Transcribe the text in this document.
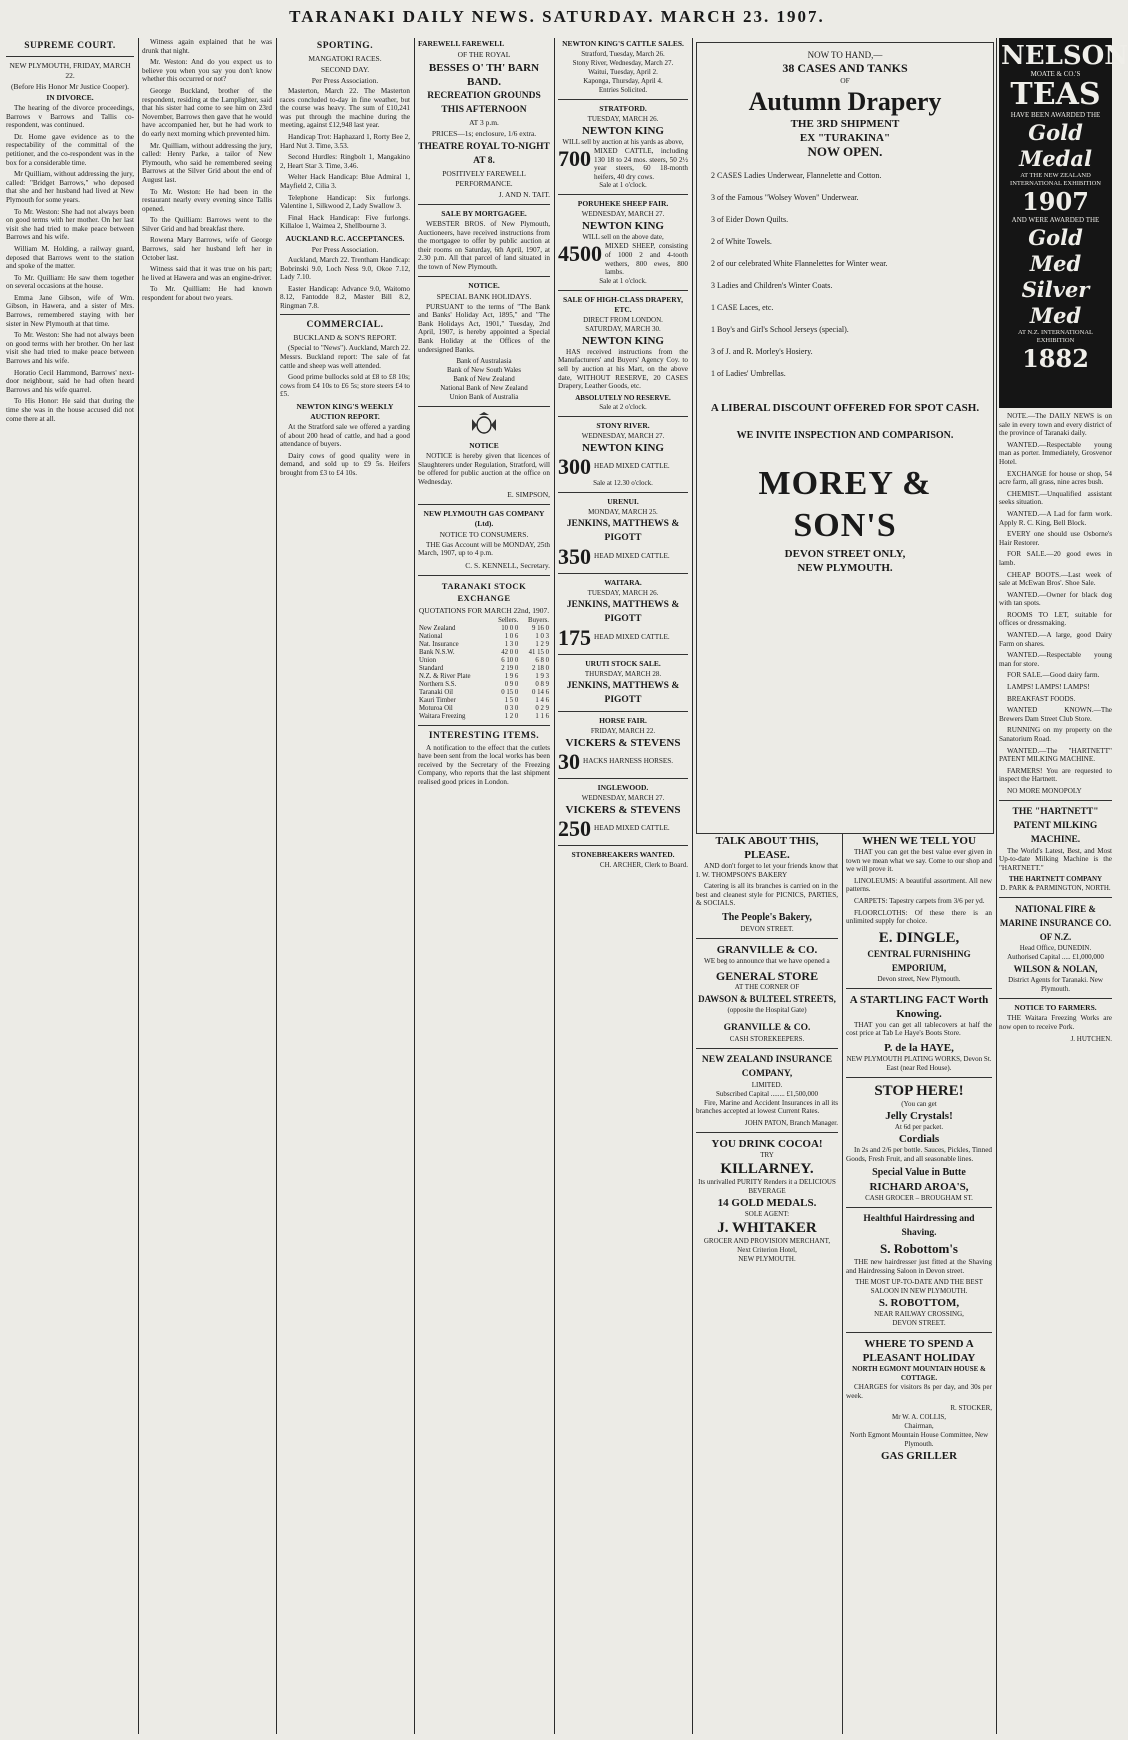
TARANAKI DAILY NEWS. SATURDAY. MARCH 23. 1907.
SUPREME COURT.
NEW PLYMOUTH, FRIDAY, MARCH 22.
(Before His Honor Mr Justice Cooper).
IN DIVORCE.

The hearing of the divorce proceedings, Barrows v Barrows and Tallis co-respondent, was continued.

Dr. Home gave evidence as to the respectability of the committal of the petitioner, and the co-respondent was in the box for a considerable time.

Mr Quilliam, without addressing the jury, called: "Bridget Barrows," who deposed that she and her husband had lived at New Plymouth for some years.

To Mr. Weston: She had not always been on good terms with her mother. On her last visit she had tried to make peace between Barrows and his wife.

William M. Holding, a railway guard, deposed that Barrows went to the station and spoke of the matter.

To Mr. Quilliam: He saw them together on several occasions at the house.

Emma Jane Gibson, wife of Wm. Gibson, in Hawera, and a sister of Mrs. Barrows, remembered staying with her sister in New Plymouth at that time.

To Mr. Weston: She had not always been on good terms with her brother. On her last visit she had tried to make peace between Barrows and his wife.

Horatio Cecil Hammond, Barrows' next-door neighbour, said he had often heard Barrows and his wife quarrel.

To His Honor: He said that during the time she was in the house accused did not come there at all.

Witness again explained that he was drunk that night.

Mr. Weston: And do you expect us to believe you when you say you don't know whether this occurred or not?

George Buckland, brother of the respondent, residing at the Lamplighter, said that his sister had come to see him on 23rd November, Barrows then gave that he would have accompanied her, but he had work to do early next morning which prevented him.

Mr. Quilliam, without addressing the jury, called: Henry Parke, a tailor of New Plymouth, who said he remembered seeing Barrows at the Silver Grid about the end of August last.

To Mr. Weston: He had been in the restaurant nearly every evening since Tallis opened.

To the Quilliam: Barrows went to the Silver Grid and had breakfast there.

Rowena Mary Barrows, wife of George Barrows, said her husband left her in October last.

Witness said that it was true on his part; he lived at Hawera and was an engine-driver.

To Mr. Quilliam: He had known respondent for about two years.

SPORTING.
MANGATOKI RACES.
SECOND DAY.
Per Press Association.

Masterton, March 22. The Masterton races concluded to-day in fine weather, but the course was heavy. The sum of £10,241 was put through the machine during the meeting, against £12,948 last year.

Handicap Trot: Haphazard 1, Rorty Bee 2, Hard Nut 3. Time, 3.53.

Second Hurdles: Ringbolt 1, Mangakino 2, Heart Star 3. Time, 3.46.

Welter Hack Handicap: Blue Admiral 1, Mayfield 2, Cilia 3.

Telephone Handicap: Six furlongs. Valentine 1, Silkwood 2, Lady Swallow 3.

Final Hack Handicap: Five furlongs. Killaloe 1, Waimea 2, Shellbourne 3.

AUCKLAND R.C. ACCEPTANCES.
Per Press Association.

Auckland, March 22. Trentham Handicap: Bobrinski 9.0, Loch Ness 9.0, Okoe 7.12, Lady 7.10.

Easter Handicap: Advance 9.0, Waitomo 8.12, Fantodde 8.2, Master Bill 8.2, Ringman 7.8.

COMMERCIAL.
BUCKLAND & SON'S REPORT.

(Special to "News"). Auckland, March 22. Messrs. Buckland report: The sale of fat cattle and sheep was well attended.

Good prime bullocks sold at £8 to £8 10s; cows from £4 10s to £6 5s; store steers £4 to £5.

NEWTON KING'S WEEKLY AUCTION REPORT.

At the Stratford sale we offered a yarding of about 200 head of cattle, and had a good attendance of buyers.

Dairy cows of good quality were in demand, and sold up to £9 5s. Heifers brought from £3 to £4 10s.

FAREWELL FAREWELL
OF THE ROYAL
BESSES O' TH' BARN BAND.
RECREATION GROUNDS THIS AFTERNOON
AT 3 p.m.
PRICES—1s; enclosure, 1/6 extra.
THEATRE ROYAL TO-NIGHT AT 8.
POSITIVELY FAREWELL PERFORMANCE.
J. AND N. TAIT.
SALE BY MORTGAGEE.

WEBSTER BROS. of New Plymouth, Auctioneers, have received instructions from the mortgagee to offer by public auction at their rooms on Saturday, 6th April, 1907, at 2.30 p.m. All that parcel of land situated in the town of New Plymouth.

NOTICE.
SPECIAL BANK HOLIDAYS.

PURSUANT to the terms of "The Bank and Banks' Holiday Act, 1895," and "The Bank Holidays Act, 1901," Tuesday, 2nd April, 1907, is hereby appointed a Special Bank Holiday at the Offices of the undersigned Banks.

Bank of Australasia
Bank of New South Wales
Bank of New Zealand
National Bank of New Zealand
Union Bank of Australia
NOTICE

NOTICE is hereby given that licences of Slaughterers under Regulation, Stratford, will be offered for public auction at the office on Wednesday.

E. SIMPSON,
NEW PLYMOUTH GAS COMPANY (Ltd).
NOTICE TO CONSUMERS.

THE Gas Account will be MONDAY, 25th March, 1907, up to 4 p.m.

C. S. KENNELL, Secretary.
TARANAKI STOCK EXCHANGE
QUOTATIONS FOR MARCH 22nd, 1907.
	Sellers.	Buyers.
New Zealand	10 0 0	9 16 0
National	1 0 6	1 0 3
Nat. Insurance	1 3 0	1 2 9
Bank N.S.W.	42 0 0	41 15 0
Union	6 10 0	6 8 0
Standard	2 19 0	2 18 0
N.Z. & River Plate	1 9 6	1 9 3
Northern S.S.	0 9 0	0 8 9
Taranaki Oil	0 15 0	0 14 6
Kauri Timber	1 5 0	1 4 6
Moturoa Oil	0 3 0	0 2 9
Waitara Freezing	1 2 0	1 1 6
INTERESTING ITEMS.

A notification to the effect that the cutlets have been sent from the local works has been received by the Secretary of the Freezing Company, who reports that the last shipment realised good prices in London.

NEWTON KING'S CATTLE SALES.
Stratford, Tuesday, March 26.
Stony River, Wednesday, March 27.
Waitui, Tuesday, April 2.
Kaponga, Thursday, April 4.
Entries Solicited.
STRATFORD.
TUESDAY, MARCH 26.
NEWTON KING
WILL sell by auction at his yards as above,
700 MIXED CATTLE, including 130 18 to 24 mos. steers, 50 2½ year steers, 60 18-month heifers, 40 dry cows.
Sale at 1 o'clock.
PORUHEKE SHEEP FAIR.
WEDNESDAY, MARCH 27.
NEWTON KING
WILL sell on the above date,
4500 MIXED SHEEP, consisting of 1000 2 and 4-tooth wethers, 800 ewes, 800 lambs.
Sale at 1 o'clock.
SALE OF HIGH-CLASS DRAPERY, ETC.
DIRECT FROM LONDON.
SATURDAY, MARCH 30.
NEWTON KING

HAS received instructions from the Manufacturers' and Buyers' Agency Coy. to sell by auction at his Mart, on the above date, WITHOUT RESERVE, 20 CASES Drapery, Leather Goods, etc.

ABSOLUTELY NO RESERVE.
Sale at 2 o'clock.
STONY RIVER.
WEDNESDAY, MARCH 27.
NEWTON KING
300 HEAD MIXED CATTLE.
Sale at 12.30 o'clock.
URENUI.
MONDAY, MARCH 25.
JENKINS, MATTHEWS & PIGOTT
350 HEAD MIXED CATTLE.
WAITARA.
TUESDAY, MARCH 26.
JENKINS, MATTHEWS & PIGOTT
175 HEAD MIXED CATTLE.
URUTI STOCK SALE.
THURSDAY, MARCH 28.
JENKINS, MATTHEWS & PIGOTT
HORSE FAIR.
FRIDAY, MARCH 22.
VICKERS & STEVENS
30 HACKS HARNESS HORSES.
INGLEWOOD.
WEDNESDAY, MARCH 27.
VICKERS & STEVENS
250 HEAD MIXED CATTLE.
STONEBREAKERS WANTED.
CH. ARCHER, Clerk to Board.
NOW TO HAND,—
38 CASES AND TANKS
OF
Autumn Drapery
THE 3RD SHIPMENT
EX "TURAKINA"
NOW OPEN.
2 CASES Ladies Underwear, Flannelette and Cotton.
3 of the Famous "Wolsey Woven" Underwear.
3 of Eider Down Quilts.
2 of White Towels.
2 of our celebrated White Flannelettes for Winter wear.
3 Ladies and Children's Winter Coats.
1 CASE Laces, etc.
1 Boy's and Girl's School Jerseys (special).
3 of J. and R. Morley's Hosiery.
1 of Ladies' Umbrellas.
A LIBERAL DISCOUNT OFFERED FOR SPOT CASH.
WE INVITE INSPECTION AND COMPARISON.
MOREY & SON'S
DEVON STREET ONLY,
NEW PLYMOUTH.
TALK ABOUT THIS, PLEASE.

AND don't forget to let your friends know that I. W. THOMPSON'S BAKERY

Catering is all its branches is carried on in the best and cleanest style for PICNICS, PARTIES, & SOCIALS.

The People's Bakery,
DEVON STREET.
GRANVILLE & CO.

WE beg to announce that we have opened a

GENERAL STORE
AT THE CORNER OF
DAWSON & BULTEEL STREETS,
(opposite the Hospital Gate)
GRANVILLE & CO.
CASH STOREKEEPERS.
NEW ZEALAND INSURANCE COMPANY,
LIMITED.
Subscribed Capital ........ £1,500,000

Fire, Marine and Accident Insurances in all its branches accepted at lowest Current Rates.

JOHN PATON, Branch Manager.
YOU DRINK COCOA!
TRY
KILLARNEY.
Its unrivalled PURITY Renders it a DELICIOUS BEVERAGE
14 GOLD MEDALS.
SOLE AGENT:
J. WHITAKER
GROCER AND PROVISION MERCHANT,
Next Criterion Hotel,
NEW PLYMOUTH.
WHEN WE TELL YOU

THAT you can get the best value ever given in town we mean what we say. Come to our shop and we will prove it.

LINOLEUMS: A beautiful assortment. All new patterns.

CARPETS: Tapestry carpets from 3/6 per yd.

FLOORCLOTHS: Of these there is an unlimited supply for choice.

E. DINGLE,
CENTRAL FURNISHING EMPORIUM,
Devon street, New Plymouth.
A STARTLING FACT Worth Knowing.

THAT you can get all tablecovers at half the cost price at Tab Le Haye's Boots Store.

P. de la HAYE,
NEW PLYMOUTH PLATING WORKS, Devon St. East (near Red House).
STOP HERE!
(You can get
Jelly Crystals!
At 6d per packet.
Cordials

In 2s and 2/6 per bottle. Sauces, Pickles, Tinned Goods, Fresh Fruit, and all seasonable lines.

Special Value in Butte
RICHARD AROA'S,
CASH GROCER – BROUGHAM ST.
Healthful Hairdressing and Shaving.
S. Robottom's

THE new hairdresser just fitted at the Shaving and Hairdressing Saloon in Devon street.

THE MOST UP-TO-DATE AND THE BEST SALOON IN NEW PLYMOUTH.
S. ROBOTTOM,
NEAR RAILWAY CROSSING,
DEVON STREET.
WHERE TO SPEND A PLEASANT HOLIDAY
NORTH EGMONT MOUNTAIN HOUSE & COTTAGE.

CHARGES for visitors 8s per day, and 30s per week.

R. STOCKER,
Mr W. A. COLLIS,
Chairman,
North Egmont Mountain House Committee, New Plymouth.
GAS GRILLER
NELSON
MOATE & CO.'S
TEAS
HAVE BEEN AWARDED THE
Gold Medal
AT THE NEW ZEALAND INTERNATIONAL EXHIBITION
1907
AND WERE AWARDED THE
Gold Med
Silver Med
AT N.Z. INTERNATIONAL EXHIBITION
1882

NOTE.—The DAILY NEWS is on sale in every town and every district of the province of Taranaki daily.

WANTED.—Respectable young man as porter. Immediately, Grosvenor Hotel.

EXCHANGE for house or shop, 54 acre farm, all grass, nine acres bush.

CHEMIST.—Unqualified assistant seeks situation.

WANTED.—A Lad for farm work. Apply R. C. King, Bell Block.

EVERY one should use Osborne's Hair Restorer.

FOR SALE.—20 good ewes in lamb.

CHEAP BOOTS.—Last week of sale at McEwan Bros'. Shoe Sale.

WANTED.—Owner for black dog with tan spots.

ROOMS TO LET, suitable for offices or dressmaking.

WANTED.—A large, good Dairy Farm on shares.

WANTED.—Respectable young man for store.

FOR SALE.—Good dairy farm.

LAMPS! LAMPS! LAMPS!

BREAKFAST FOODS.

WANTED KNOWN.—The Brewers Dam Street Club Store.

RUNNING on my property on the Sanatorium Road.

WANTED.—The "HARTNETT" PATENT MILKING MACHINE.

FARMERS! You are requested to inspect the Hartnett.

NO MORE MONOPOLY

THE "HARTNETT" PATENT MILKING MACHINE.

The World's Latest, Best, and Most Up-to-date Milking Machine is the "HARTNETT."

THE HARTNETT COMPANY
D. PARK & PARMINGTON, NORTH.
NATIONAL FIRE & MARINE INSURANCE CO. OF N.Z.
Head Office, DUNEDIN.
Authorised Capital ..... £1,000,000
WILSON & NOLAN,
District Agents for Taranaki. New Plymouth.
NOTICE TO FARMERS.

THE Waitara Freezing Works are now open to receive Pork.

J. HUTCHEN.
